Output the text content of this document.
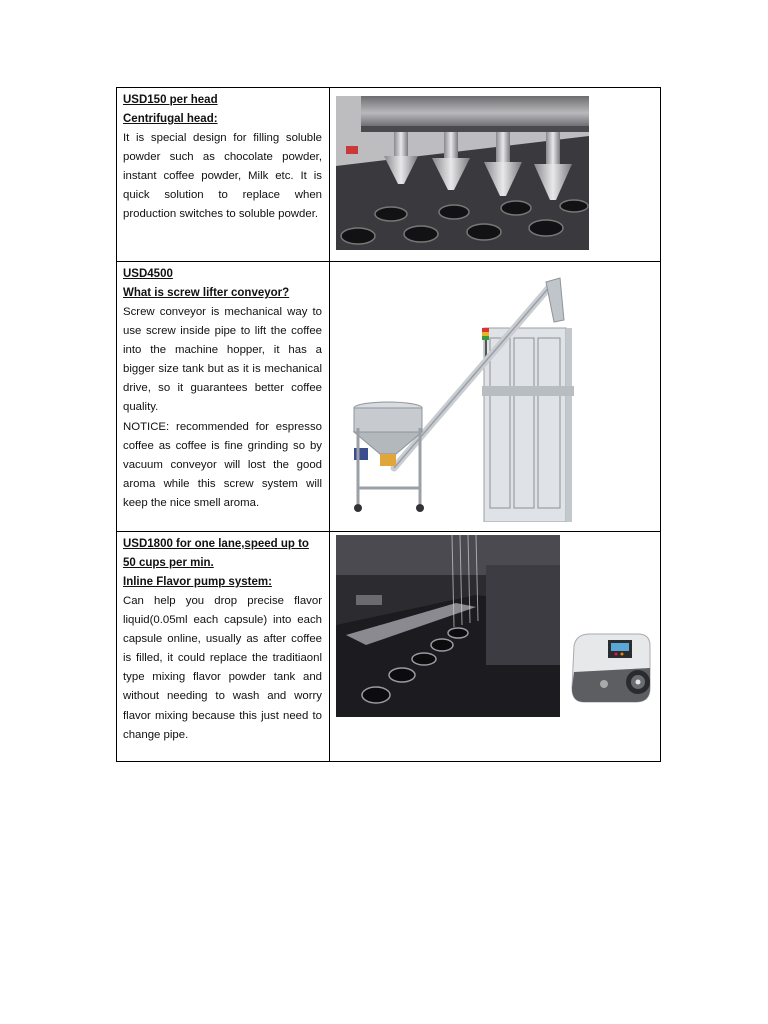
USD150 per head
Centrifugal head:

It is special design for filling soluble powder such as chocolate powder, instant coffee powder, Milk etc. It is quick solution to replace when production switches to soluble powder.

USD4500
What is screw lifter conveyor?

Screw conveyor is mechanical way to use screw inside pipe to lift the coffee into the machine hopper, it has a bigger size tank but as it is mechanical drive, so it guarantees better coffee quality.

NOTICE: recommended for espresso coffee as coffee is fine grinding so by vacuum conveyor will lost the good aroma while this screw system will keep the nice smell aroma.

USD1800 for one lane,speed up to 50 cups per min.
Inline Flavor pump system:

Can help you drop precise flavor liquid(0.05ml each capsule) into each capsule online, usually as after coffee is filled, it could replace the traditiaonl type mixing flavor powder tank and without needing to wash and worry flavor mixing because this just need to change pipe.
